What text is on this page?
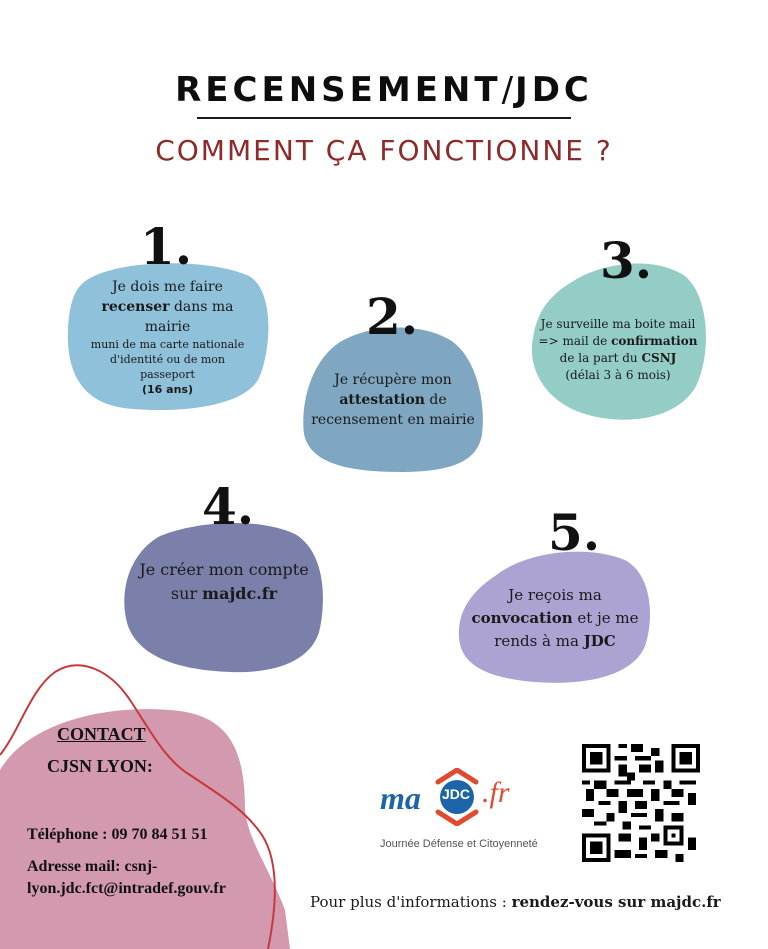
RECENSEMENT/JDC
COMMENT ÇA FONCTIONNE ?
1.
Je dois me faire
recenser dans ma
mairie
muni de ma carte nationale
d'identité ou de mon
passeport
(16 ans)
2.
Je récupère mon
attestation de
recensement en mairie
3.
Je surveille ma boite mail
=> mail de confirmation
de la part du CSNJ
(délai 3 à 6 mois)
4.
Je créer mon compte
sur majdc.fr
5.
Je reçois ma
convocation et je me
rends à ma JDC
CONTACT
CJSN LYON:
Téléphone : 09 70 84 51 51
Adresse mail: csnj-
lyon.jdc.fct@intradef.gouv.fr
JDC
ma .fr
Journée Défense et Citoyenneté
Pour plus d'informations : rendez-vous sur majdc.fr
